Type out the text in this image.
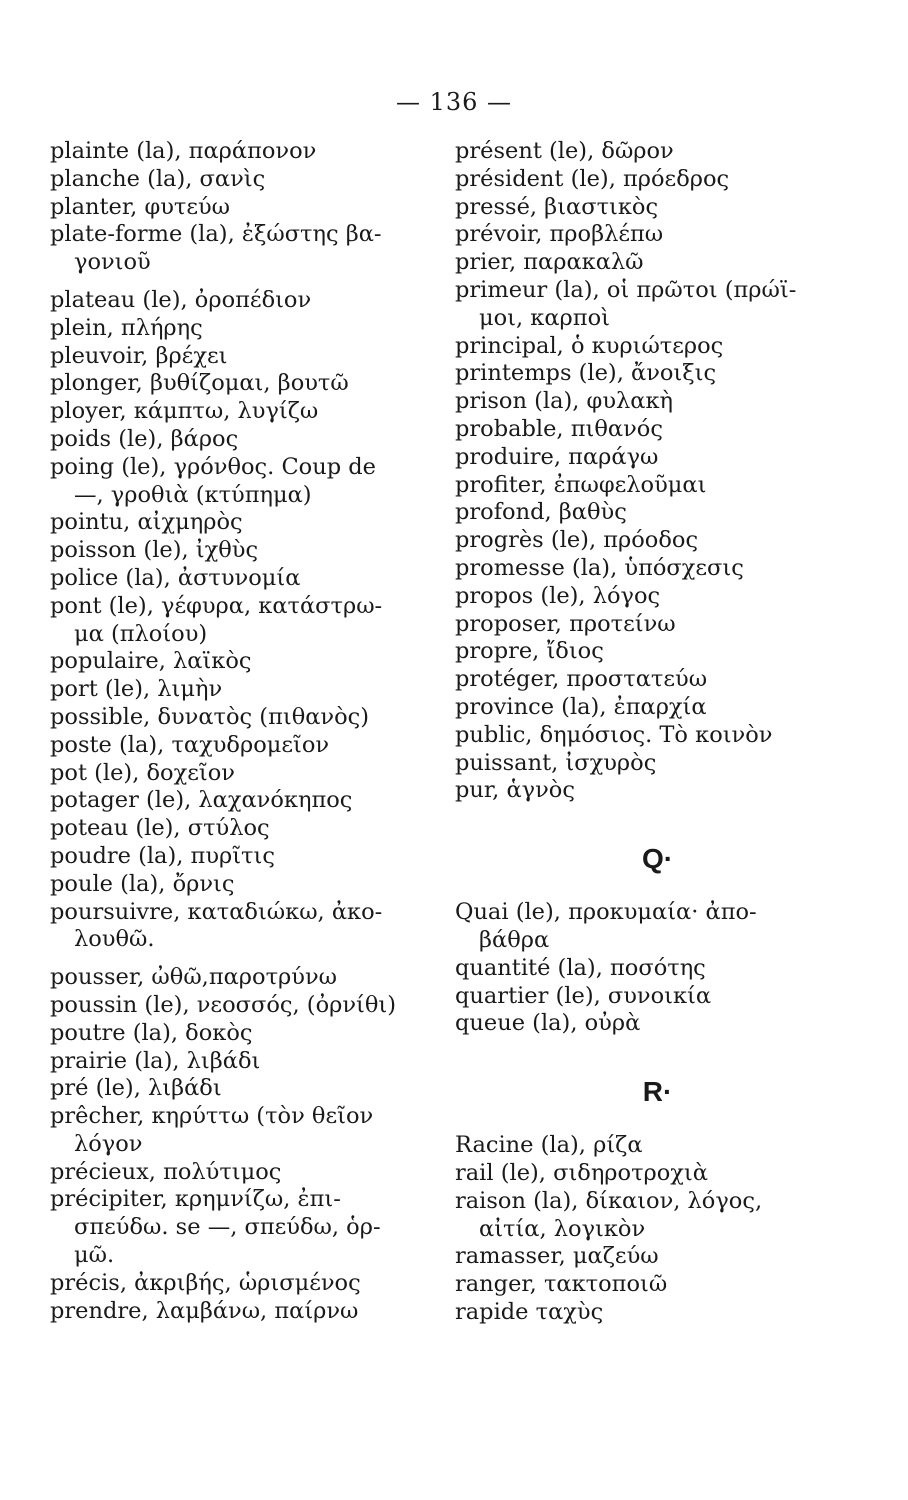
— 136 —
plainte (la), παράπονον
planche (la), σανὶς
planter, φυτεύω
plate-forme (la), ἐξώστης βα-
γονιοῦ
plateau (le), ὀροπέδιον
plein, πλήρης
pleuvoir, βρέχει
plonger, βυθίζομαι, βουτῶ
ployer, κάμπτω, λυγίζω
poids (le), βάρος
poing (le), γρόνθος. Coup de
—, γροθιὰ (κτύπημα)
pointu, αἰχμηρὸς
poisson (le), ἰχθὺς
police (la), ἀστυνομία
pont (le), γέφυρα, κατάστρω-
μα (πλοίου)
populaire, λαϊκὸς
port (le), λιμὴν
possible, δυνατὸς (πιθανὸς)
poste (la), ταχυδρομεῖον
pot (le), δοχεῖον
potager (le), λαχανόκηπος
poteau (le), στύλος
poudre (la), πυρῖτις
poule (la), ὄρνις
poursuivre, καταδιώκω, ἀκο-
λουθῶ.
pousser, ὠθῶ,παροτρύνω
poussin (le), νεοσσός, (ὀρνίθι)
poutre (la), δοκὸς
prairie (la), λιβάδι
pré (le), λιβάδι
prêcher, κηρύττω (τὸν θεῖον
λόγον
précieux, πολύτιμος
précipiter, κρημνίζω, ἐπι-
σπεύδω. se —, σπεύδω, ὁρ-
μῶ.
précis, ἀκριβής, ὡρισμένος
prendre, λαμβάνω, παίρνω
présent (le), δῶρον
président (le), πρόεδρος
pressé, βιαστικὸς
prévoir, προβλέπω
prier, παρακαλῶ
primeur (la), οἱ πρῶτοι (πρώϊ-
μοι, καρποὶ
principal, ὁ κυριώτερος
printemps (le), ἄνοιξις
prison (la), φυλακὴ
probable, πιθανός
produire, παράγω
profiter, ἐπωφελοῦμαι
profond, βαθὺς
progrès (le), πρόοδος
promesse (la), ὑπόσχεσις
propos (le), λόγος
proposer, προτείνω
propre, ἴδιος
protéger, προστατεύω
province (la), ἐπαρχία
public, δημόσιος. Τὸ κοινὸν
puissant, ἰσχυρὸς
pur, ἁγνὸς
Q·
Quai (le), προκυμαία· ἀπο-
βάθρα
quantité (la), ποσότης
quartier (le), συνοικία
queue (la), οὐρὰ
R·
Racine (la), ρίζα
rail (le), σιδηροτροχιὰ
raison (la), δίκαιον, λόγος,
αἰτία, λογικὸν
ramasser, μαζεύω
ranger, τακτοποιῶ
rapide ταχὺς
